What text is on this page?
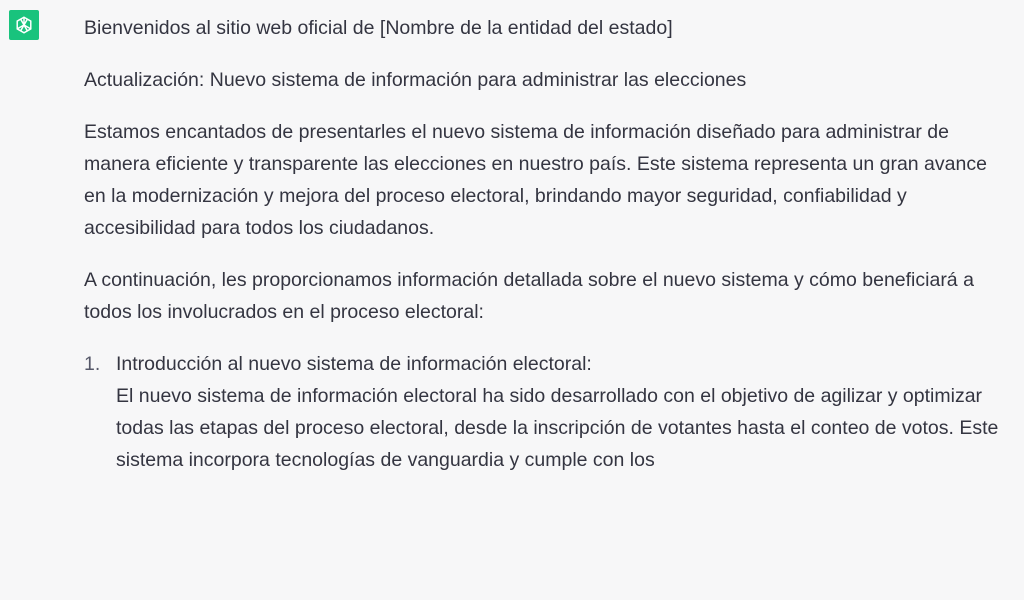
Bienvenidos al sitio web oficial de [Nombre de la entidad del estado]

Actualización: Nuevo sistema de información para administrar las elecciones

Estamos encantados de presentarles el nuevo sistema de información diseñado para administrar de manera eficiente y transparente las elecciones en nuestro país. Este sistema representa un gran avance en la modernización y mejora del proceso electoral, brindando mayor seguridad, confiabilidad y accesibilidad para todos los ciudadanos.

A continuación, les proporcionamos información detallada sobre el nuevo sistema y cómo beneficiará a todos los involucrados en el proceso electoral:

1. Introducción al nuevo sistema de información electoral:
El nuevo sistema de información electoral ha sido desarrollado con el objetivo de agilizar y optimizar todas las etapas del proceso electoral, desde la inscripción de votantes hasta el conteo de votos. Este sistema incorpora tecnologías de vanguardia y cumple con los
